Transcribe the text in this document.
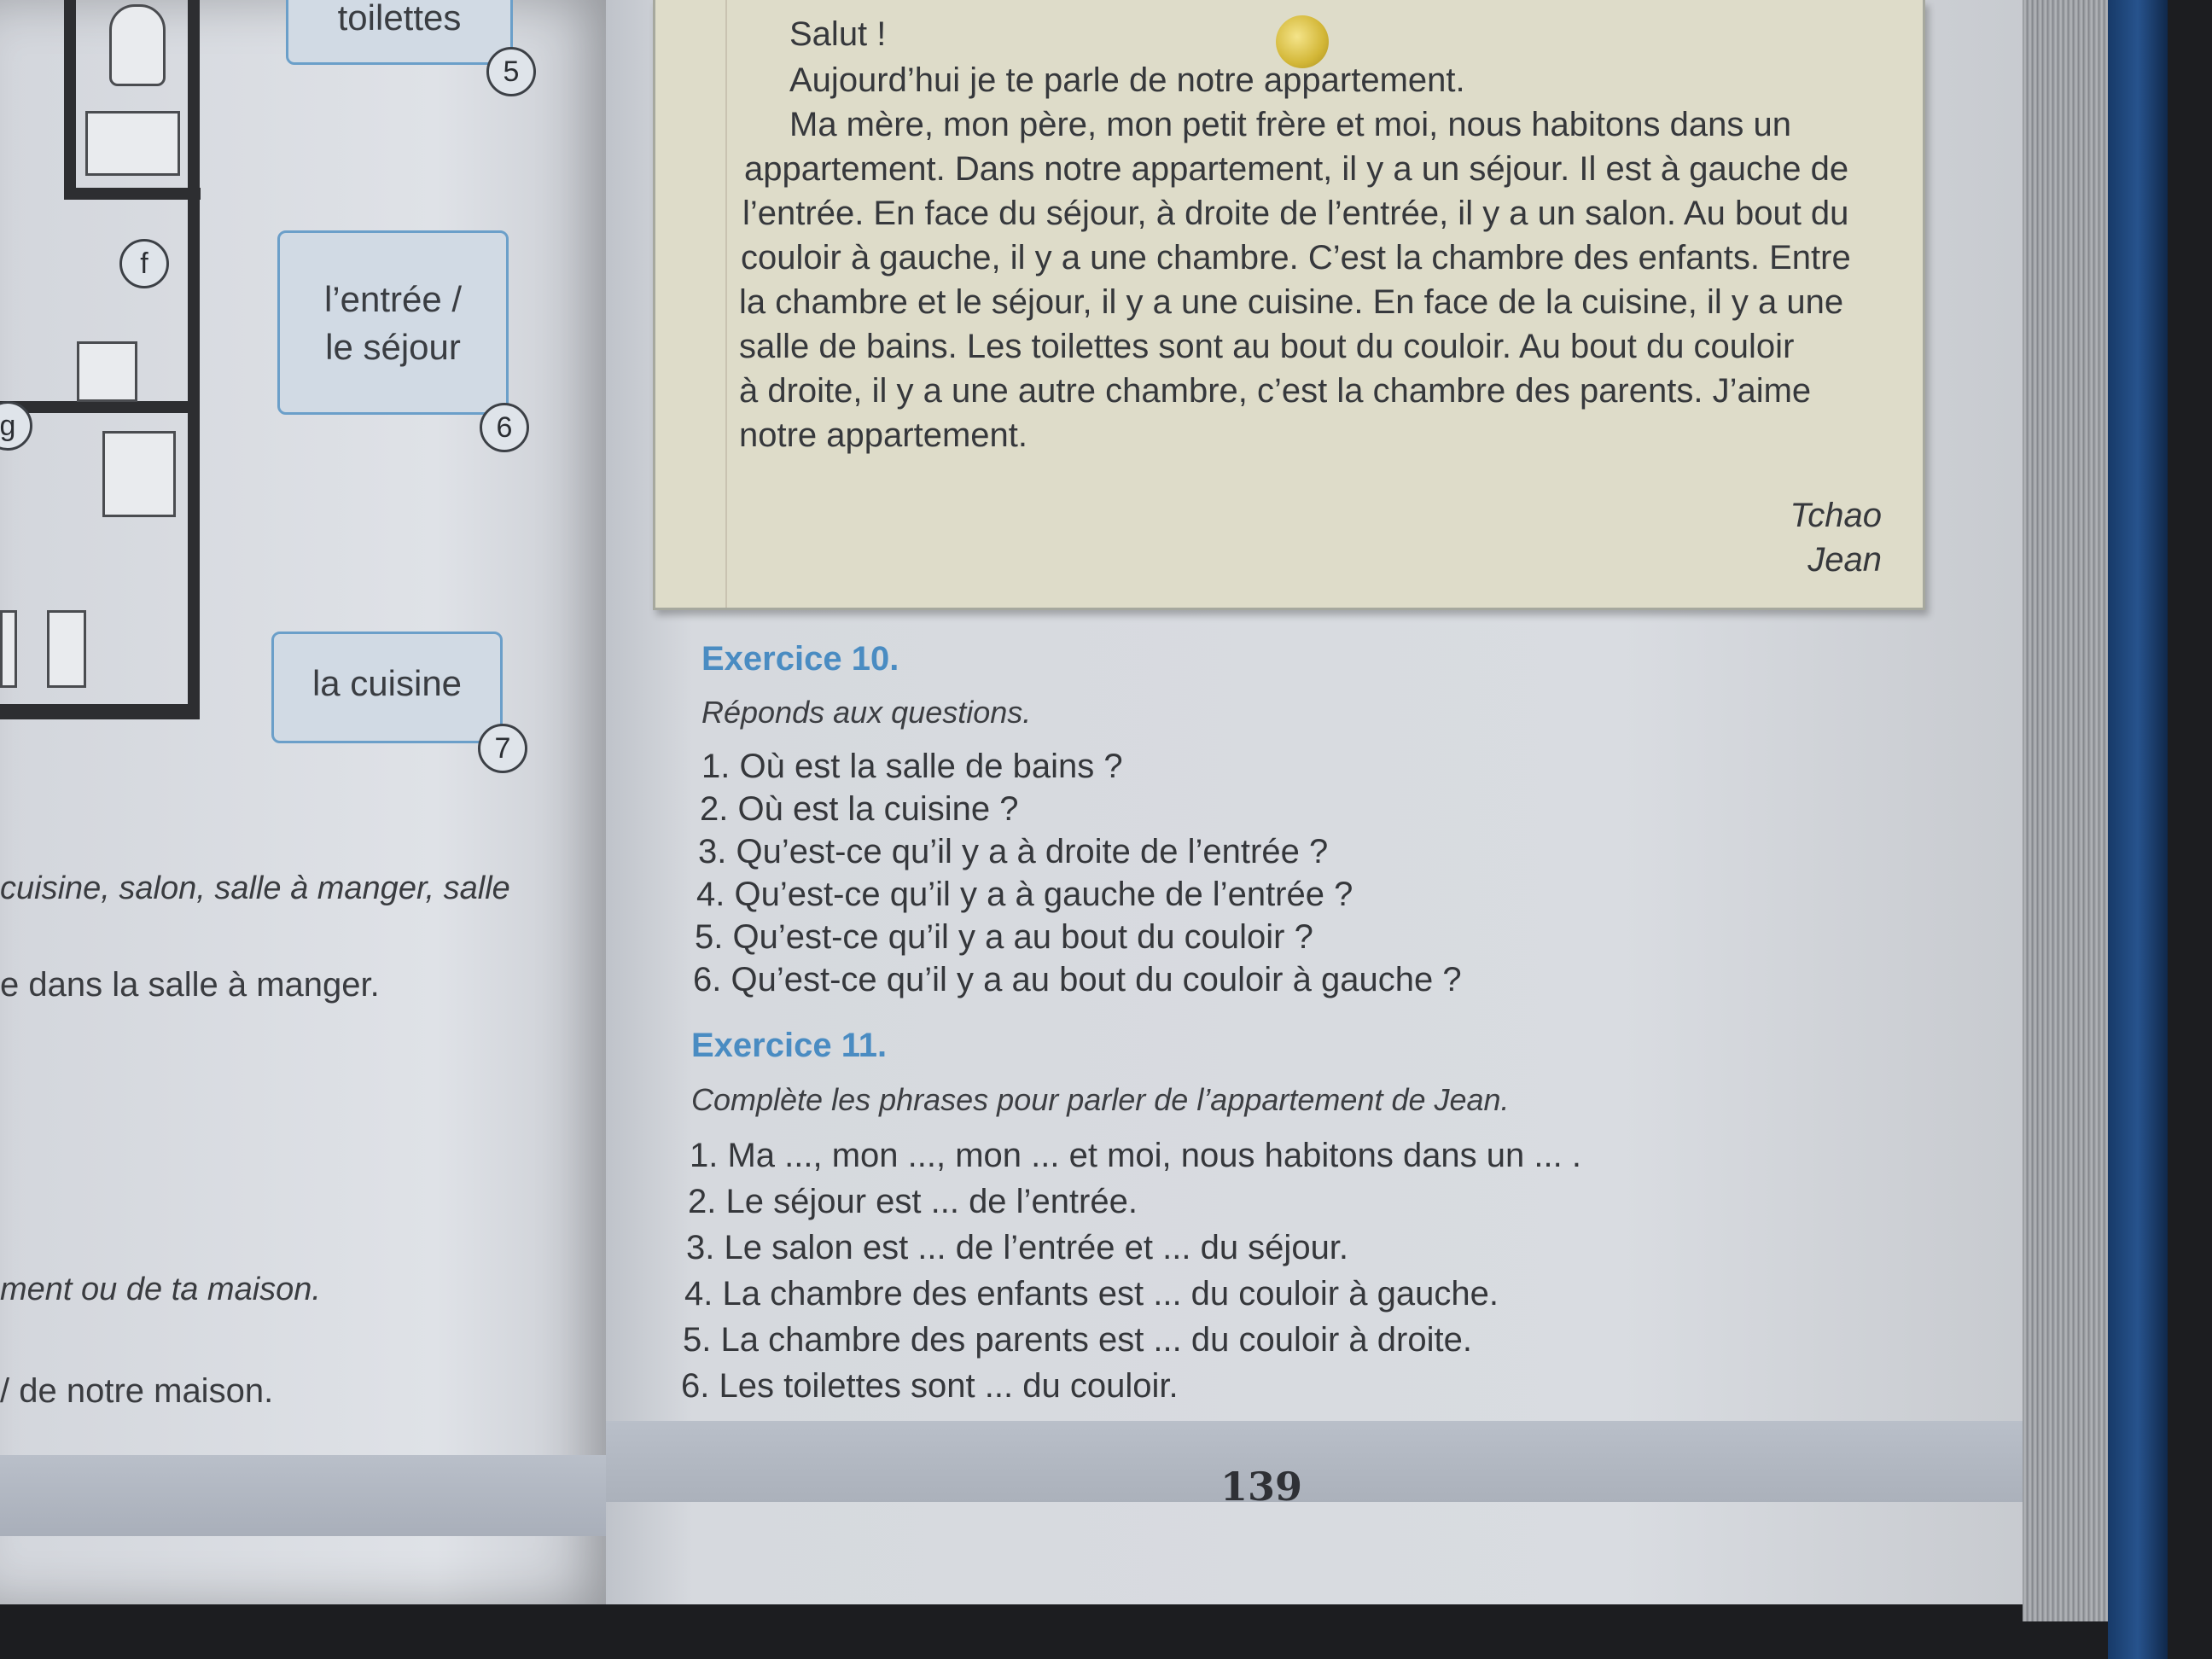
f
g
toilettes
5
l’entrée /
le séjour
6
la cuisine
7
cuisine, salon, salle à manger, salle
e dans la salle à manger.
ment ou de ta maison.
/ de notre maison.
Salut !
Aujourd’hui je te parle de notre appartement.
Ma mère, mon père, mon petit frère et moi, nous habitons dans un
appartement. Dans notre appartement, il y a un séjour. Il est à gauche de
l’entrée. En face du séjour, à droite de l’entrée, il y a un salon. Au bout du
couloir à gauche, il y a une chambre. C’est la chambre des enfants. Entre
la chambre et le séjour, il y a une cuisine. En face de la cuisine, il y a une
salle de bains. Les toilettes sont au bout du couloir. Au bout du couloir
à droite, il y a une autre chambre, c’est la chambre des parents. J’aime
notre appartement.
Tchao
Jean
Exercice 10.
Réponds aux questions.
1. Où est la salle de bains ?
2. Où est la cuisine ?
3. Qu’est-ce qu’il y a à droite de l’entrée ?
4. Qu’est-ce qu’il y a à gauche de l’entrée ?
5. Qu’est-ce qu’il y a au bout du couloir ?
6. Qu’est-ce qu’il y a au bout du couloir à gauche ?
Exercice 11.
Complète les phrases pour parler de l’appartement de Jean.
1. Ma ..., mon ..., mon ... et moi, nous habitons dans un ... .
2. Le séjour est ... de l’entrée.
3. Le salon est ... de l’entrée et ... du séjour.
4. La chambre des enfants est ... du couloir à gauche.
5. La chambre des parents est ... du couloir à droite.
6. Les toilettes sont ... du couloir.
139
